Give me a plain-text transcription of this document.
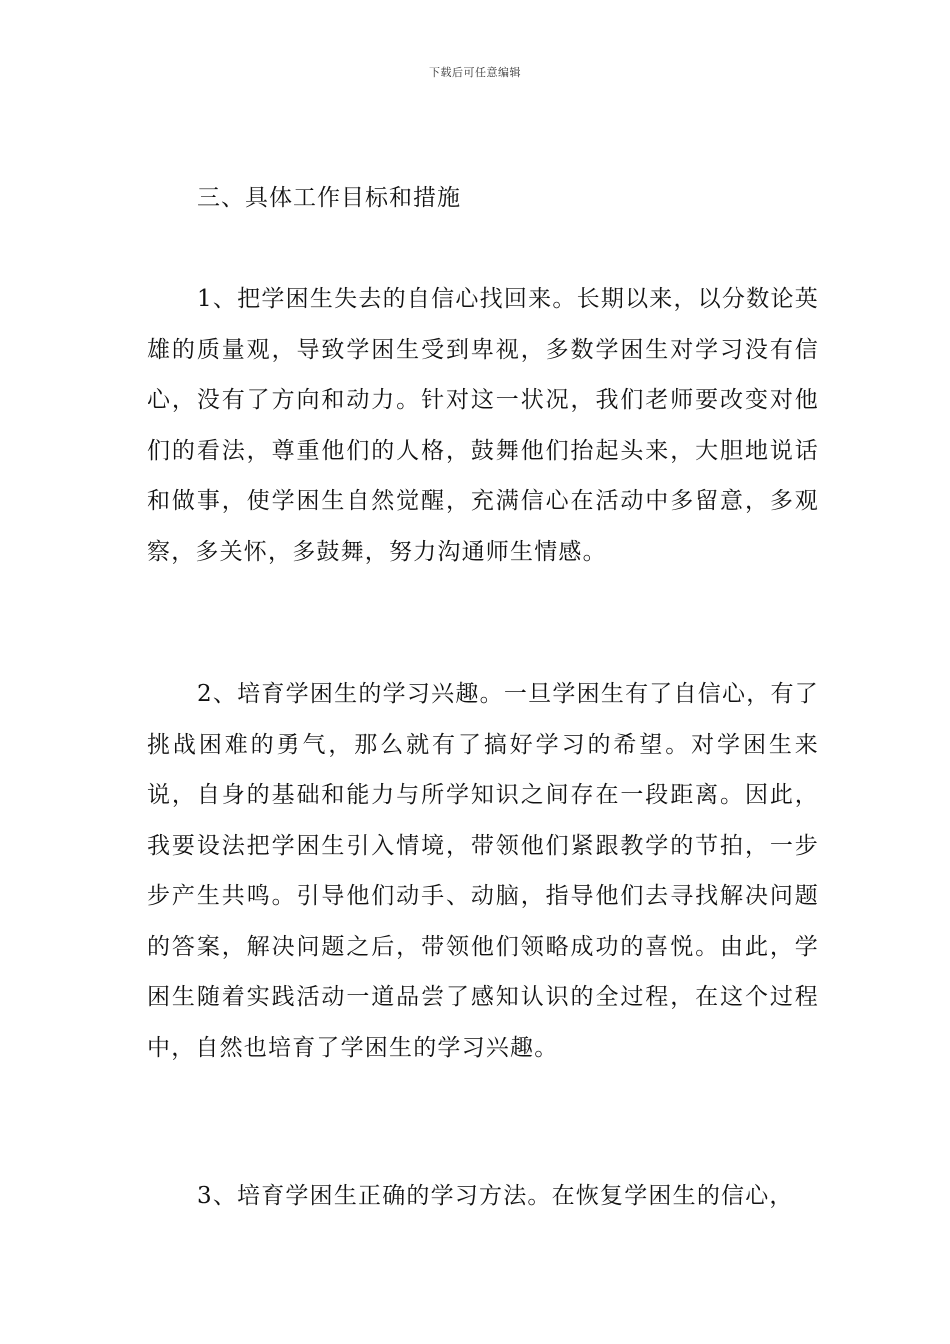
下载后可任意编辑
三、具体工作目标和措施

1、把学困生失去的自信心找回来。长期以来，以分数论英雄的质量观，导致学困生受到卑视，多数学困生对学习没有信心，没有了方向和动力。针对这一状况，我们老师要改变对他们的看法，尊重他们的人格，鼓舞他们抬起头来，大胆地说话和做事，使学困生自然觉醒，充满信心在活动中多留意，多观察，多关怀，多鼓舞，努力沟通师生情感。

2、培育学困生的学习兴趣。一旦学困生有了自信心，有了挑战困难的勇气，那么就有了搞好学习的希望。对学困生来说，自身的基础和能力与所学知识之间存在一段距离。因此，我要设法把学困生引入情境，带领他们紧跟教学的节拍，一步步产生共鸣。引导他们动手、动脑，指导他们去寻找解决问题的答案，解决问题之后，带领他们领略成功的喜悦。由此，学困生随着实践活动一道品尝了感知认识的全过程，在这个过程中，自然也培育了学困生的学习兴趣。

3、培育学困生正确的学习方法。在恢复学困生的信心，
